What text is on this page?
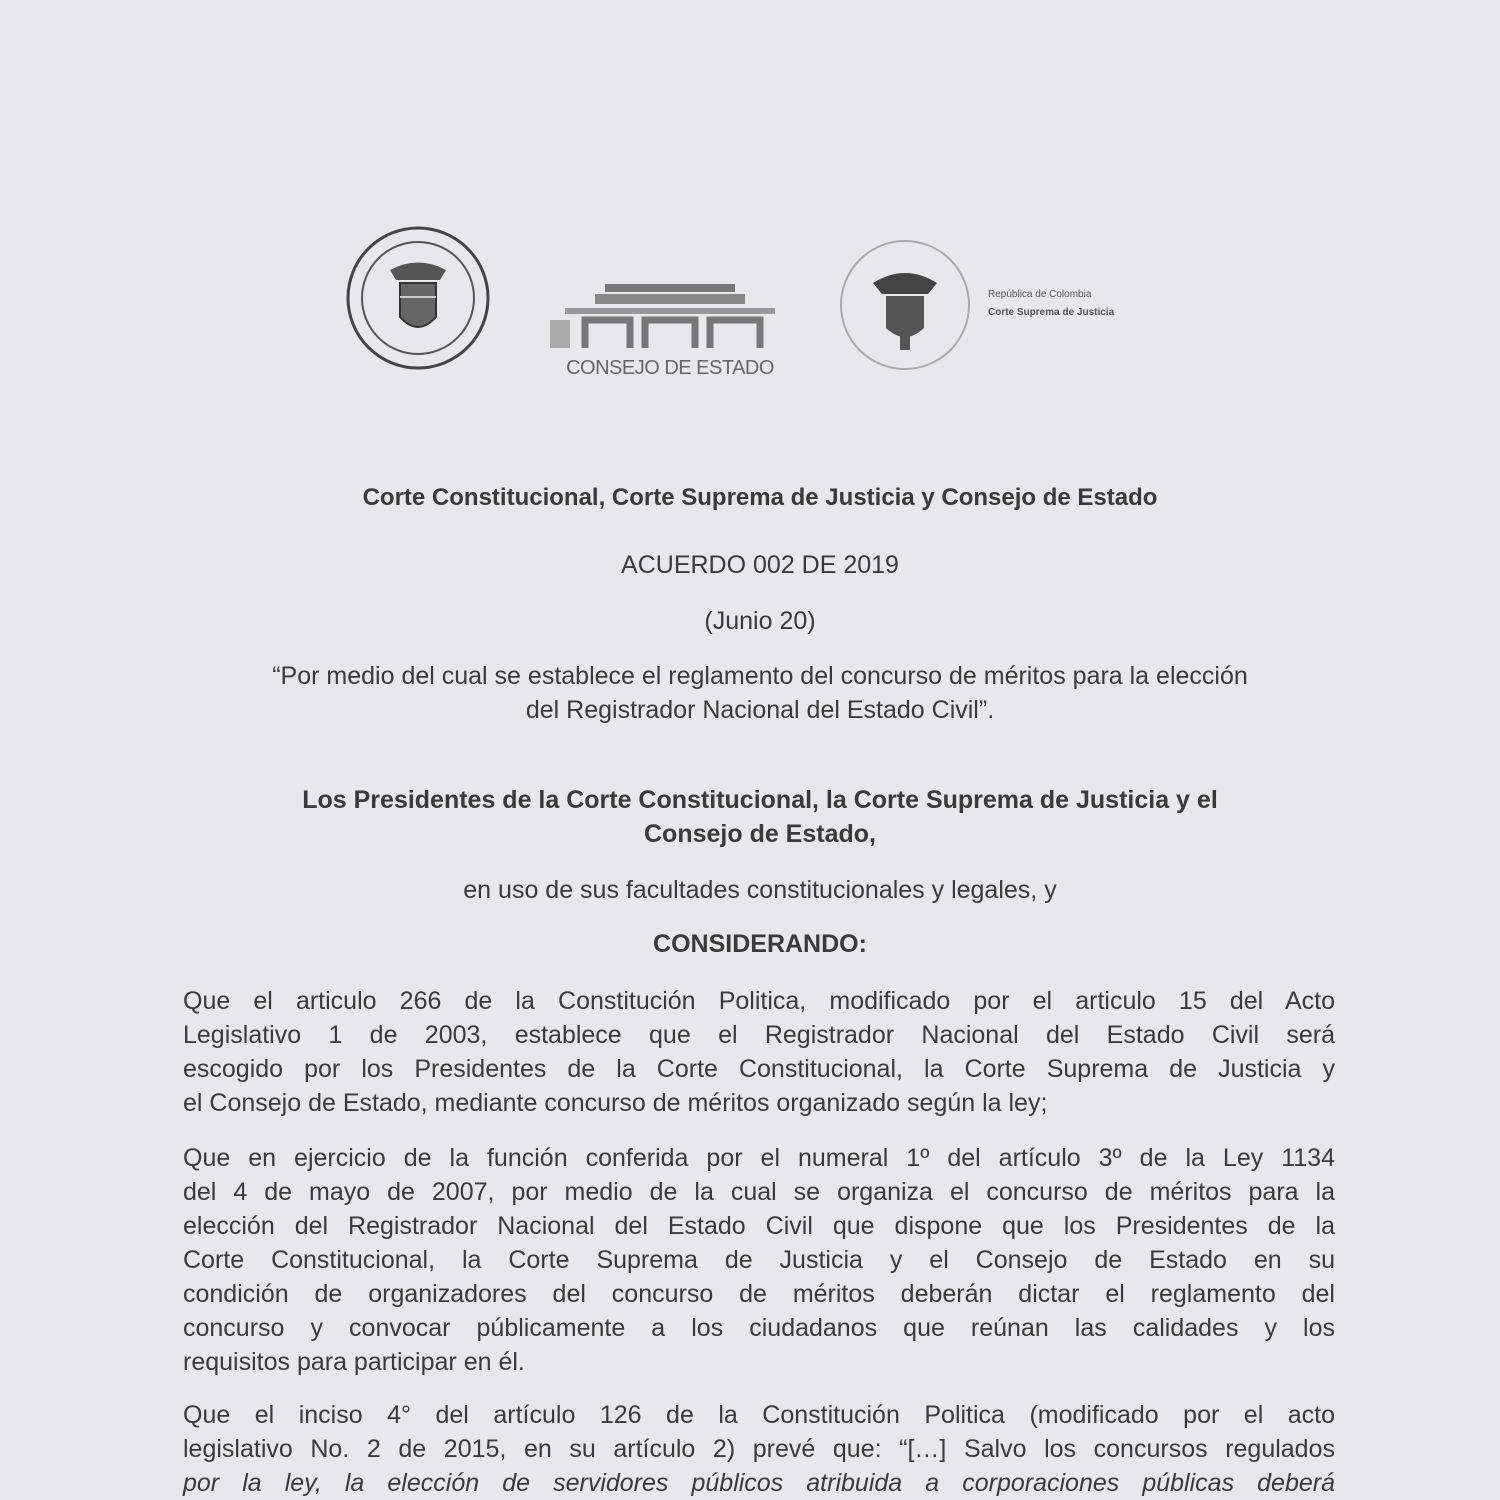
CONSEJO DE ESTADO
República de Colombia
Corte Suprema de Justicia
Corte Constitucional, Corte Suprema de Justicia y Consejo de Estado
ACUERDO 002 DE 2019
(Junio 20)
“Por medio del cual se establece el reglamento del concurso de méritos para la elección
del Registrador Nacional del Estado Civil”.
Los Presidentes de la Corte Constitucional, la Corte Suprema de Justicia y el
Consejo de Estado,
en uso de sus facultades constitucionales y legales, y
CONSIDERANDO:
Que el articulo 266 de la Constitución Politica, modificado por el articulo 15 del Acto
Legislativo 1 de 2003, establece que el Registrador Nacional del Estado Civil será
escogido por los Presidentes de la Corte Constitucional, la Corte Suprema de Justicia y
el Consejo de Estado, mediante concurso de méritos organizado según la ley;
Que en ejercicio de la función conferida por el numeral 1º del artículo 3º de la Ley 1134
del 4 de mayo de 2007, por medio de la cual se organiza el concurso de méritos para la
elección del Registrador Nacional del Estado Civil que dispone que los Presidentes de la
Corte Constitucional, la Corte Suprema de Justicia y el Consejo de Estado en su
condición de organizadores del concurso de méritos deberán dictar el reglamento del
concurso y convocar públicamente a los ciudadanos que reúnan las calidades y los
requisitos para participar en él.
Que el inciso 4° del artículo 126 de la Constitución Politica (modificado por el acto
legislativo No. 2 de 2015, en su artículo 2) prevé que: “[…] Salvo los concursos regulados
por la ley, la elección de servidores públicos atribuida a corporaciones públicas deberá
